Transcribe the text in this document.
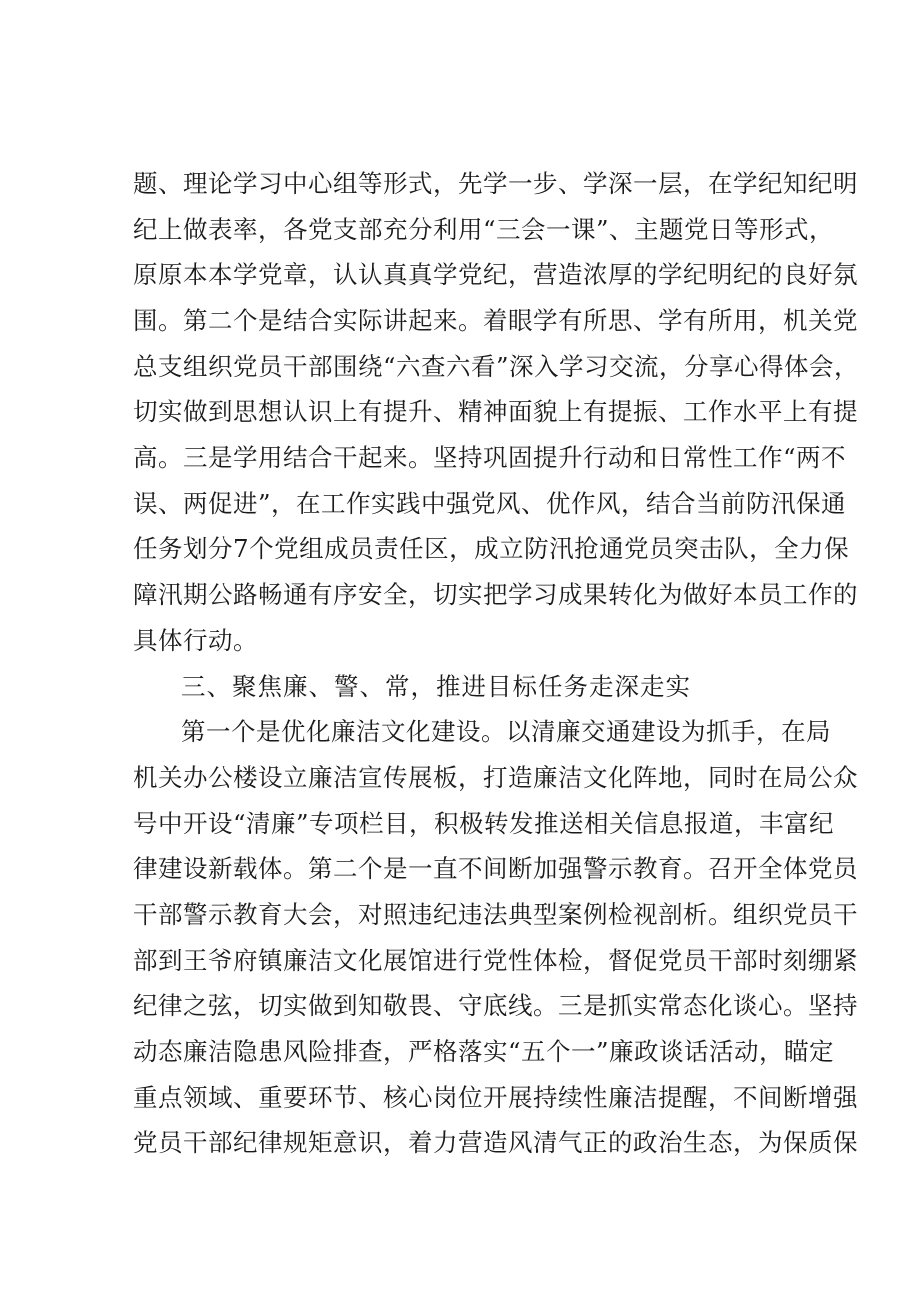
题、理论学习中心组等形式，先学一步、学深一层，在学纪知纪明
纪上做表率，各党支部充分利用“三会一课”、主题党日等形式，
原原本本学党章，认认真真学党纪，营造浓厚的学纪明纪的良好氛
围。第二个是结合实际讲起来。着眼学有所思、学有所用，机关党
总支组织党员干部围绕“六查六看”深入学习交流，分享心得体会，
切实做到思想认识上有提升、精神面貌上有提振、工作水平上有提
高。三是学用结合干起来。坚持巩固提升行动和日常性工作“两不
误、两促进”，在工作实践中强党风、优作风，结合当前防汛保通
任务划分7个党组成员责任区，成立防汛抢通党员突击队，全力保
障汛期公路畅通有序安全，切实把学习成果转化为做好本员工作的
具体行动。
三、聚焦廉、警、常，推进目标任务走深走实
第一个是优化廉洁文化建设。以清廉交通建设为抓手，在局
机关办公楼设立廉洁宣传展板，打造廉洁文化阵地，同时在局公众
号中开设“清廉”专项栏目，积极转发推送相关信息报道，丰富纪
律建设新载体。第二个是一直不间断加强警示教育。召开全体党员
干部警示教育大会，对照违纪违法典型案例检视剖析。组织党员干
部到王爷府镇廉洁文化展馆进行党性体检，督促党员干部时刻绷紧
纪律之弦，切实做到知敬畏、守底线。三是抓实常态化谈心。坚持
动态廉洁隐患风险排查，严格落实“五个一”廉政谈话活动，瞄定
重点领域、重要环节、核心岗位开展持续性廉洁提醒，不间断增强
党员干部纪律规矩意识，着力营造风清气正的政治生态，为保质保
